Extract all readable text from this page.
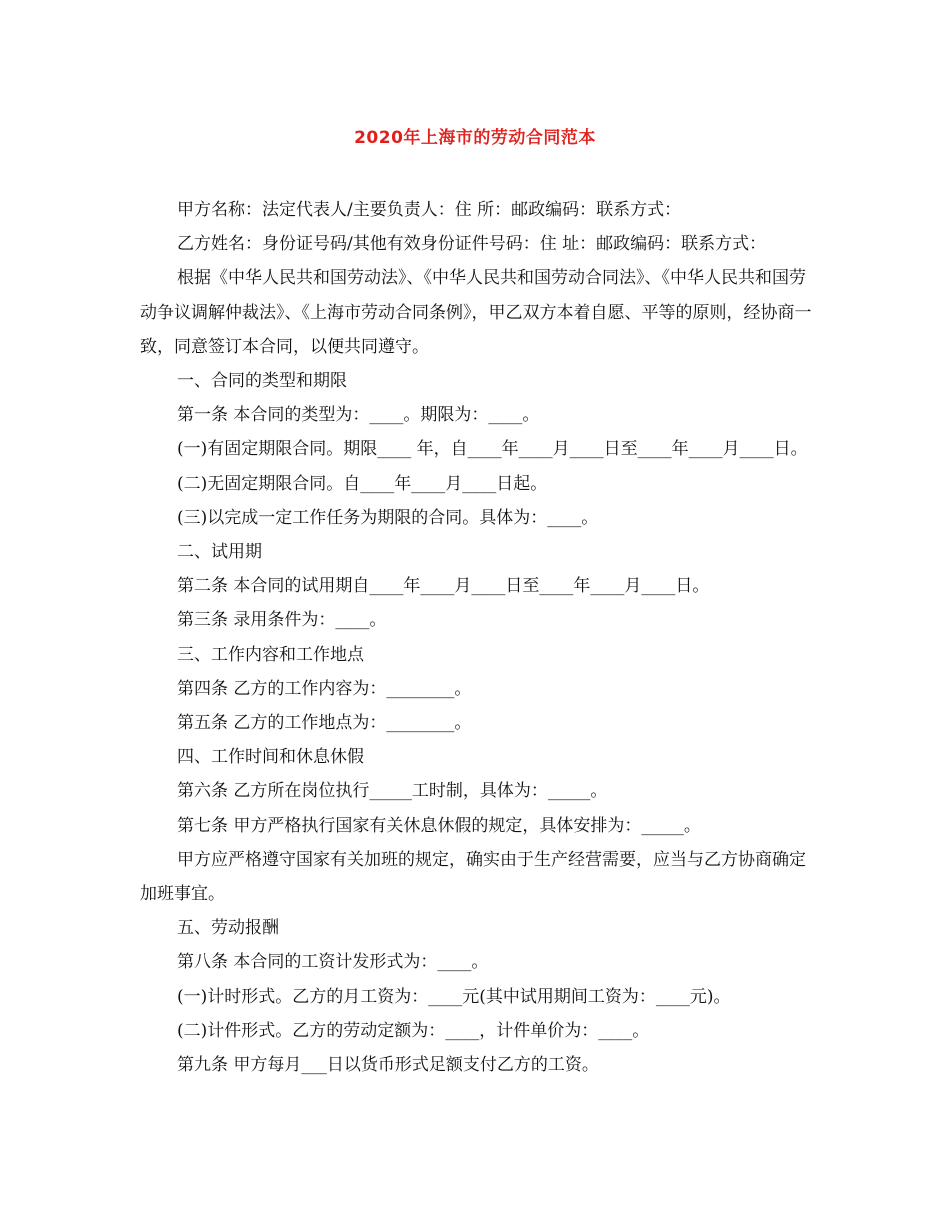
2020年上海市的劳动合同范本

甲方名称：法定代表人/主要负责人：住 所：邮政编码：联系方式：

乙方姓名：身份证号码/其他有效身份证件号码：住 址：邮政编码：联系方式：

根据《中华人民共和国劳动法》、《中华人民共和国劳动合同法》、《中华人民共和国劳动争议调解仲裁法》、《上海市劳动合同条例》，甲乙双方本着自愿、平等的原则，经协商一致，同意签订本合同，以便共同遵守。

一、合同的类型和期限

第一条 本合同的类型为：____。期限为：____。

(一)有固定期限合同。期限____ 年，自____年____月____日至____年____月____日。

(二)无固定期限合同。自____年____月____日起。

(三)以完成一定工作任务为期限的合同。具体为：____。

二、试用期

第二条 本合同的试用期自____年____月____日至____年____月____日。

第三条 录用条件为：____。

三、工作内容和工作地点

第四条 乙方的工作内容为：________。

第五条 乙方的工作地点为：________。

四、工作时间和休息休假

第六条 乙方所在岗位执行_____工时制，具体为：_____。

第七条 甲方严格执行国家有关休息休假的规定，具体安排为：_____。

甲方应严格遵守国家有关加班的规定，确实由于生产经营需要，应当与乙方协商确定加班事宜。

五、劳动报酬

第八条 本合同的工资计发形式为：____。

(一)计时形式。乙方的月工资为：____元(其中试用期间工资为：____元)。

(二)计件形式。乙方的劳动定额为：____，计件单价为：____。

第九条 甲方每月___日以货币形式足额支付乙方的工资。
